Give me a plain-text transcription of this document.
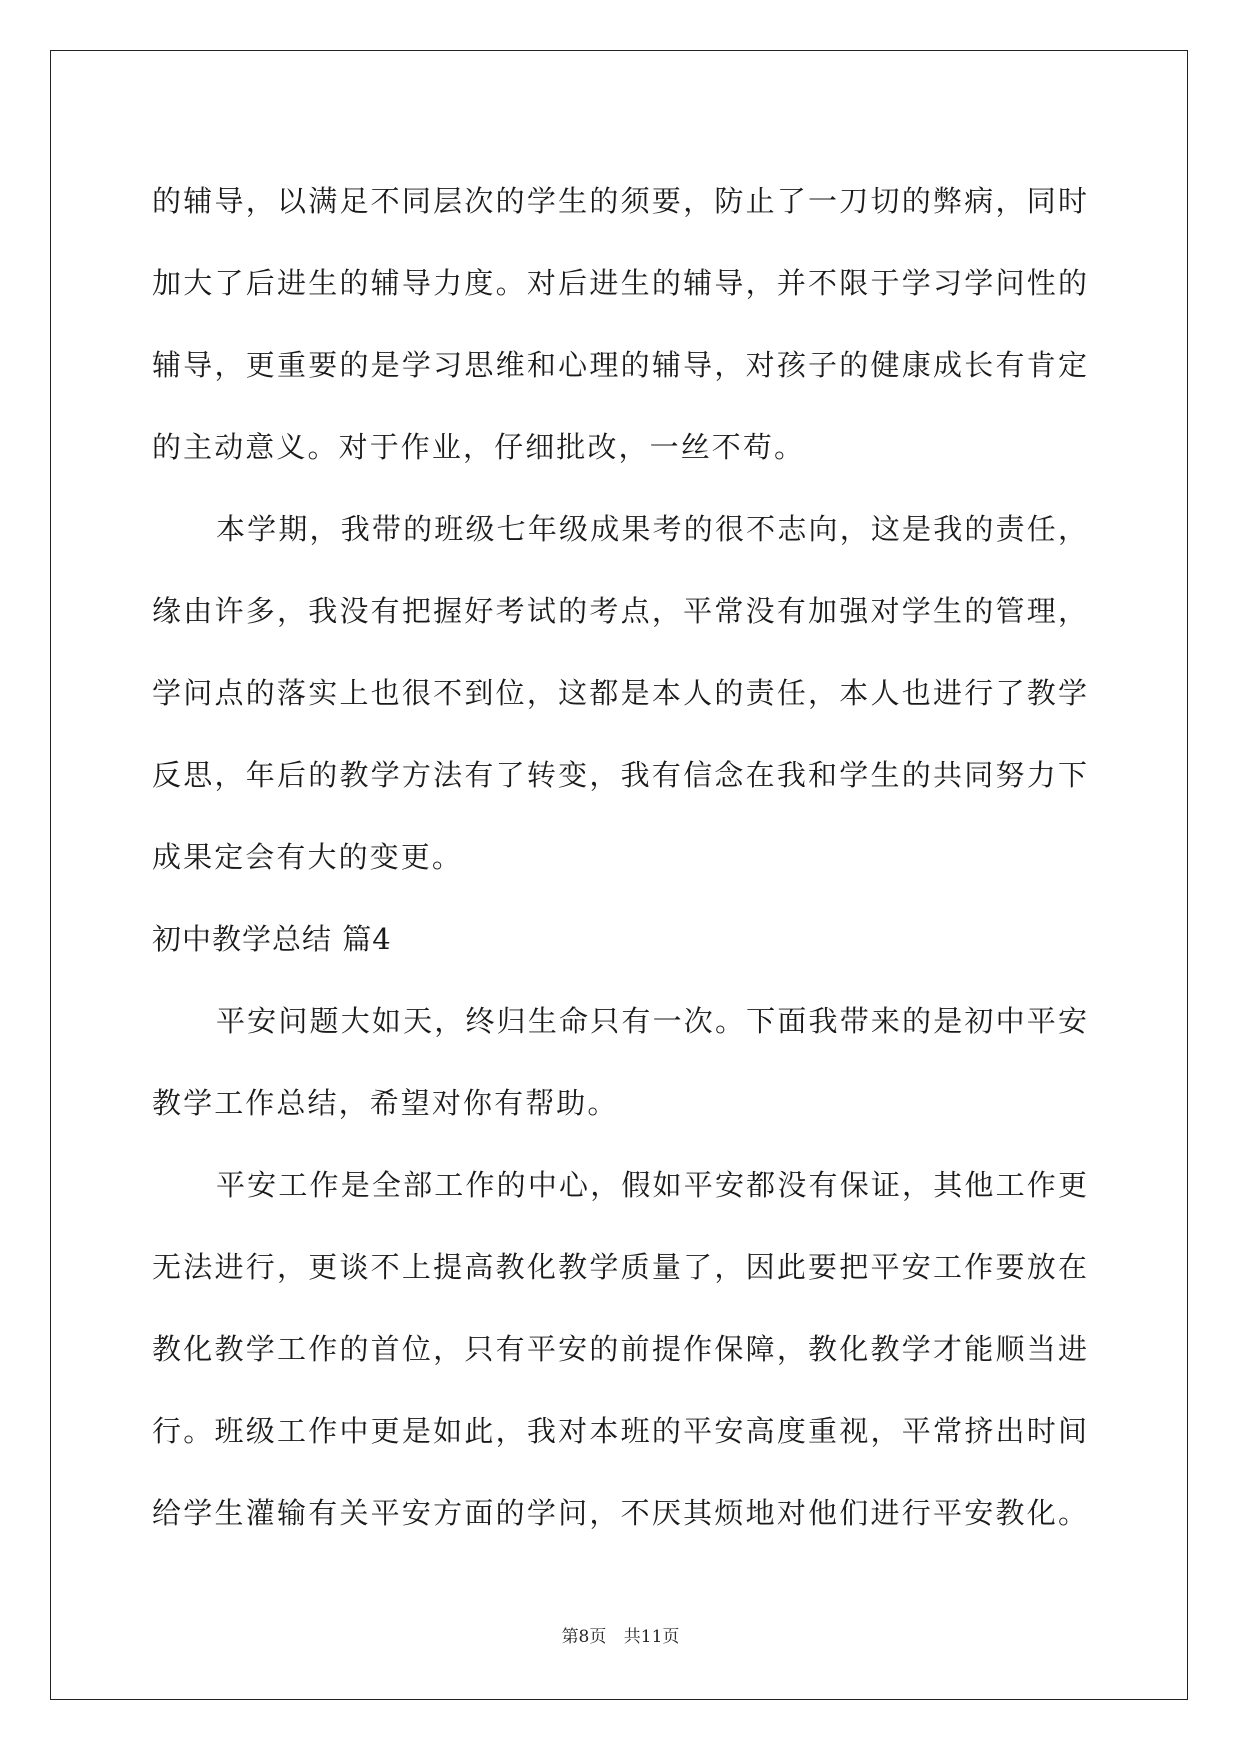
的辅导，以满足不同层次的学生的须要，防止了一刀切的弊病，同时
加大了后进生的辅导力度。对后进生的辅导，并不限于学习学问性的
辅导，更重要的是学习思维和心理的辅导，对孩子的健康成长有肯定
的主动意义。对于作业，仔细批改，一丝不苟。
本学期，我带的班级七年级成果考的很不志向，这是我的责任，
缘由许多，我没有把握好考试的考点，平常没有加强对学生的管理，
学问点的落实上也很不到位，这都是本人的责任，本人也进行了教学
反思，年后的教学方法有了转变，我有信念在我和学生的共同努力下
成果定会有大的变更。
初中教学总结 篇4
平安问题大如天，终归生命只有一次。下面我带来的是初中平安
教学工作总结，希望对你有帮助。
平安工作是全部工作的中心，假如平安都没有保证，其他工作更
无法进行，更谈不上提高教化教学质量了，因此要把平安工作要放在
教化教学工作的首位，只有平安的前提作保障，教化教学才能顺当进
行。班级工作中更是如此，我对本班的平安高度重视，平常挤出时间
给学生灌输有关平安方面的学问，不厌其烦地对他们进行平安教化。
第8页 共11页
